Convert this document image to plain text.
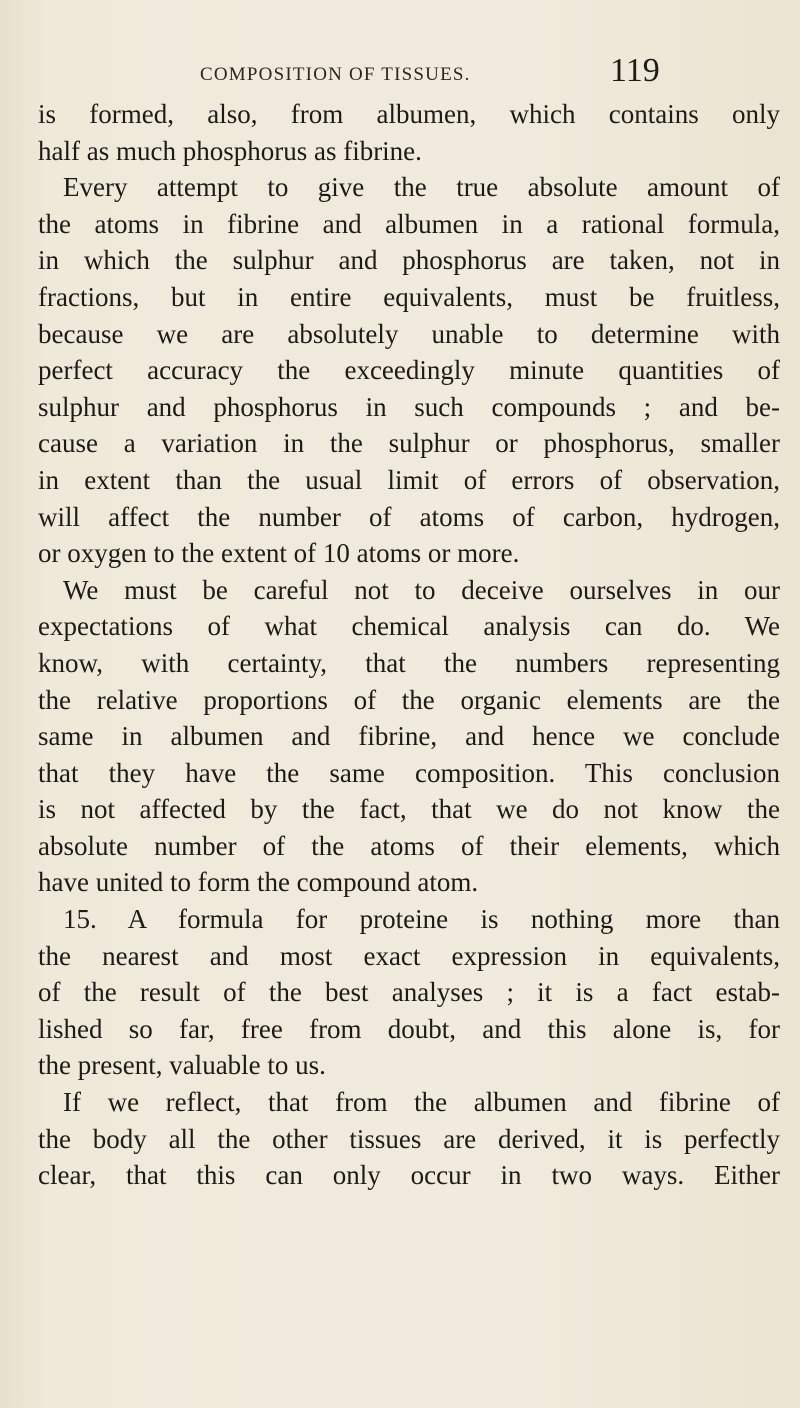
COMPOSITION OF TISSUES.	119
is formed, also, from albumen, which contains only
half as much phosphorus as fibrine.
Every attempt to give the true absolute amount of
the atoms in fibrine and albumen in a rational formula,
in which the sulphur and phosphorus are taken, not in
fractions, but in entire equivalents, must be fruitless,
because we are absolutely unable to determine with
perfect accuracy the exceedingly minute quantities of
sulphur and phosphorus in such compounds ; and be-
cause a variation in the sulphur or phosphorus, smaller
in extent than the usual limit of errors of observation,
will affect the number of atoms of carbon, hydrogen,
or oxygen to the extent of 10 atoms or more.
We must be careful not to deceive ourselves in our
expectations of what chemical analysis can do. We
know, with certainty, that the numbers representing
the relative proportions of the organic elements are the
same in albumen and fibrine, and hence we conclude
that they have the same composition. This conclusion
is not affected by the fact, that we do not know the
absolute number of the atoms of their elements, which
have united to form the compound atom.
15. A formula for proteine is nothing more than
the nearest and most exact expression in equivalents,
of the result of the best analyses ; it is a fact estab-
lished so far, free from doubt, and this alone is, for
the present, valuable to us.
If we reflect, that from the albumen and fibrine of
the body all the other tissues are derived, it is perfectly
clear, that this can only occur in two ways. Either
